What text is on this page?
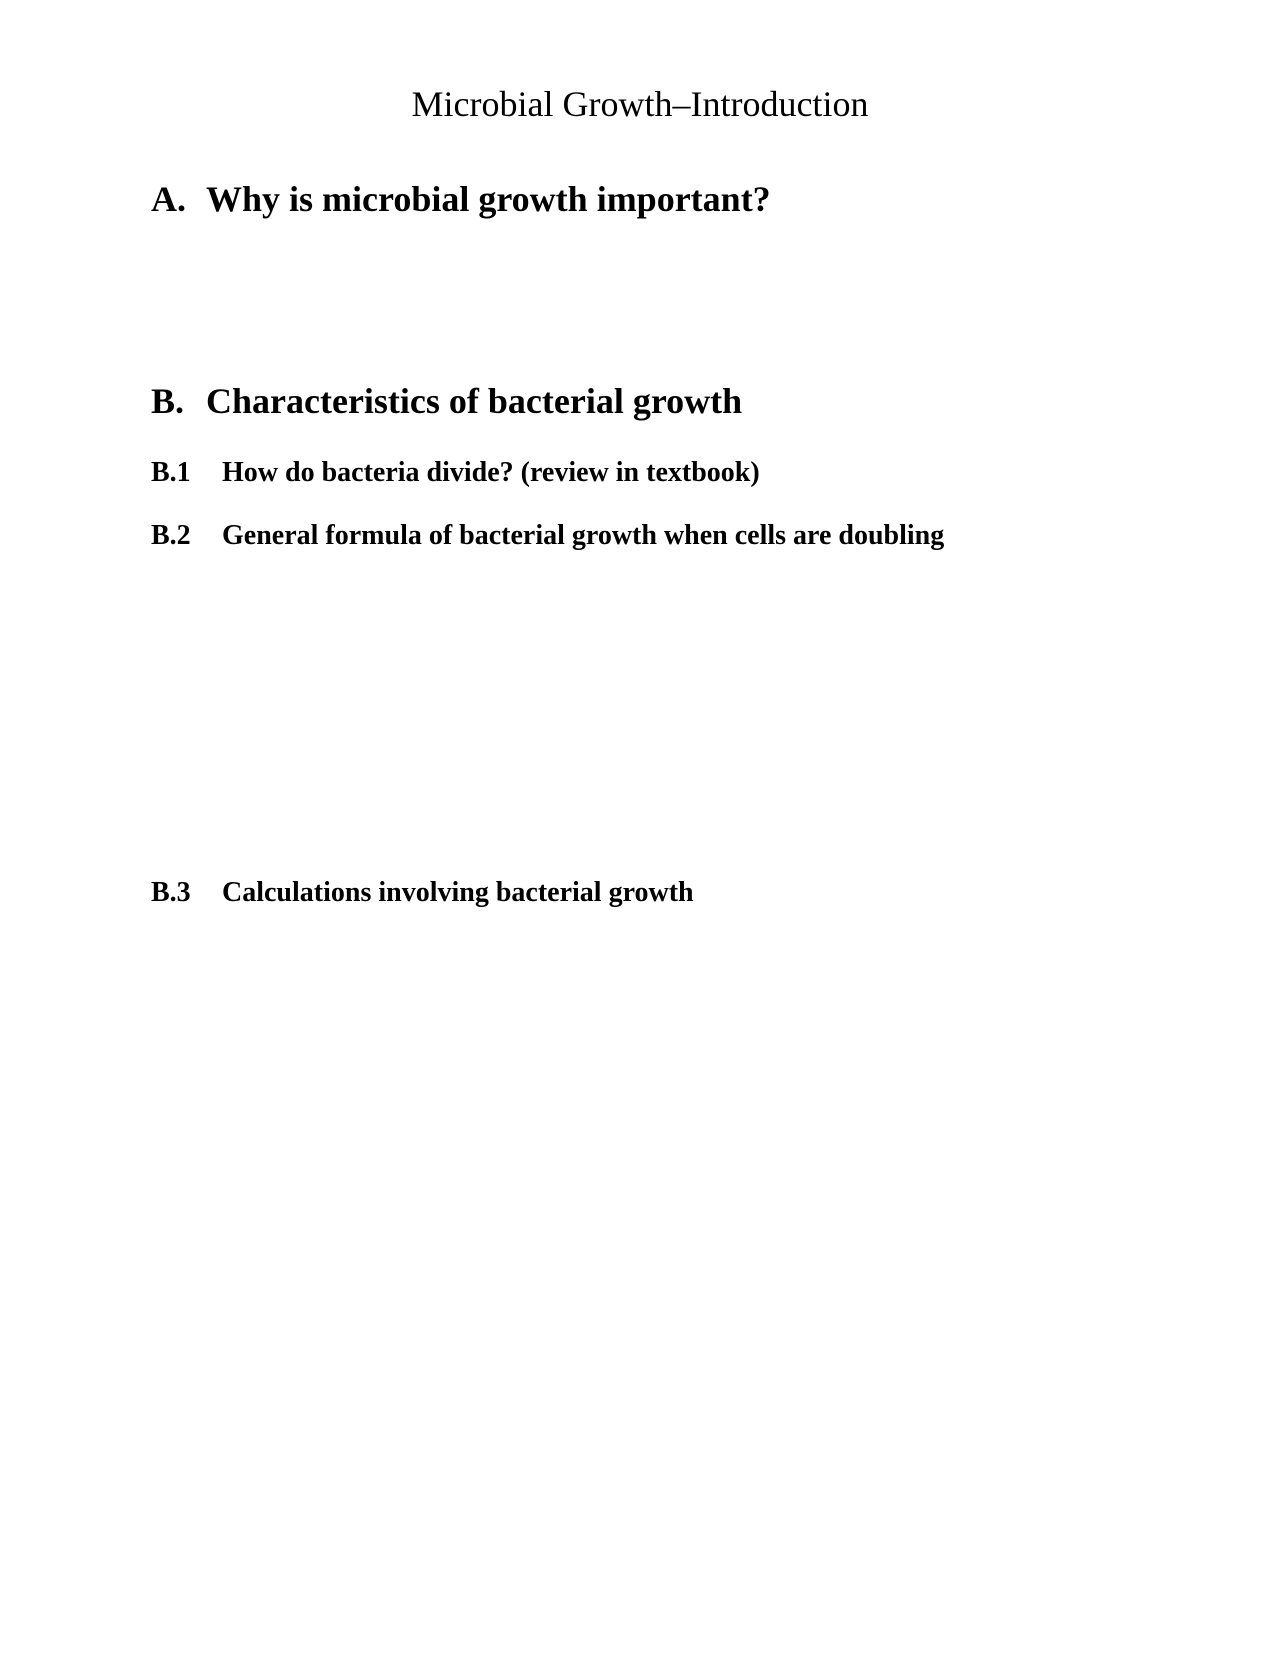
Microbial Growth–Introduction
A. Why is microbial growth important?
B. Characteristics of bacterial growth
B.1 How do bacteria divide? (review in textbook)
B.2 General formula of bacterial growth when cells are doubling
B.3 Calculations involving bacterial growth
